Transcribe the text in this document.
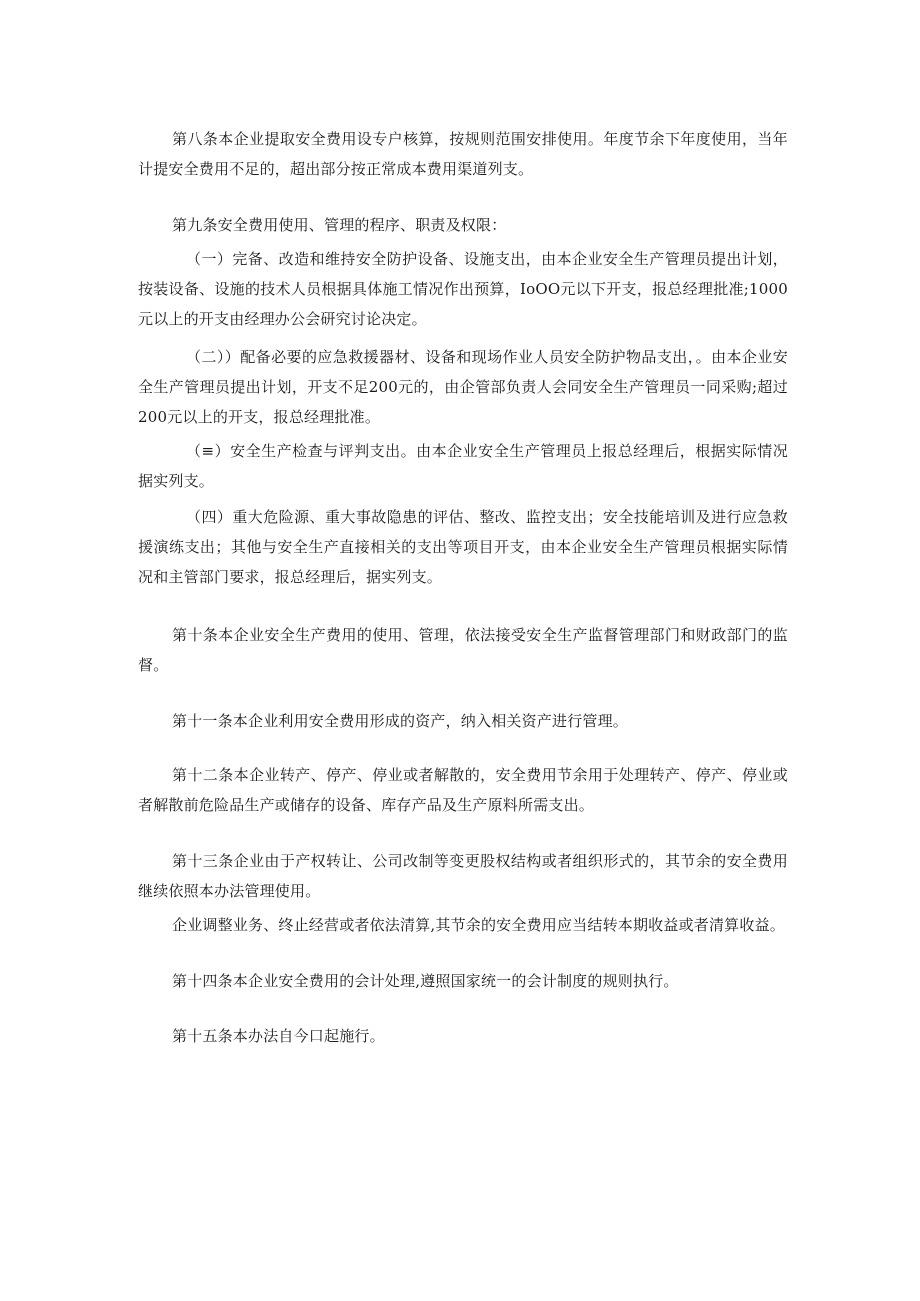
第八条本企业提取安全费用设专户核算，按规则范围安排使用。年度节余下年度使用，当年计提安全费用不足的，超出部分按正常成本费用渠道列支。

第九条安全费用使用、管理的程序、职责及权限：

（一）完备、改造和维持安全防护设备、设施支出，由本企业安全生产管理员提出计划，按装设备、设施的技术人员根据具体施工情况作出预算，IoOO元以下开支，报总经理批准;1000元以上的开支由经理办公会研究讨论决定。

（二））配备必要的应急救援器材、设备和现场作业人员安全防护物品支出，。由本企业安全生产管理员提出计划，开支不足200元的，由企管部负责人会同安全生产管理员一同采购;超过200元以上的开支，报总经理批准。

（≡）安全生产检查与评判支出。由本企业安全生产管理员上报总经理后，根据实际情况据实列支。

（四）重大危险源、重大事故隐患的评估、整改、监控支出；安全技能培训及进行应急救援演练支出；其他与安全生产直接相关的支出等项目开支，由本企业安全生产管理员根据实际情况和主管部门要求，报总经理后，据实列支。

第十条本企业安全生产费用的使用、管理，依法接受安全生产监督管理部门和财政部门的监督。

第十一条本企业利用安全费用形成的资产，纳入相关资产进行管理。

第十二条本企业转产、停产、停业或者解散的，安全费用节余用于处理转产、停产、停业或者解散前危险品生产或储存的设备、库存产品及生产原料所需支出。

第十三条企业由于产权转让、公司改制等变更股权结构或者组织形式的，其节余的安全费用继续依照本办法管理使用。

企业调整业务、终止经营或者依法清算,其节余的安全费用应当结转本期收益或者清算收益。

第十四条本企业安全费用的会计处理,遵照国家统一的会计制度的规则执行。

第十五条本办法自今口起施行。
